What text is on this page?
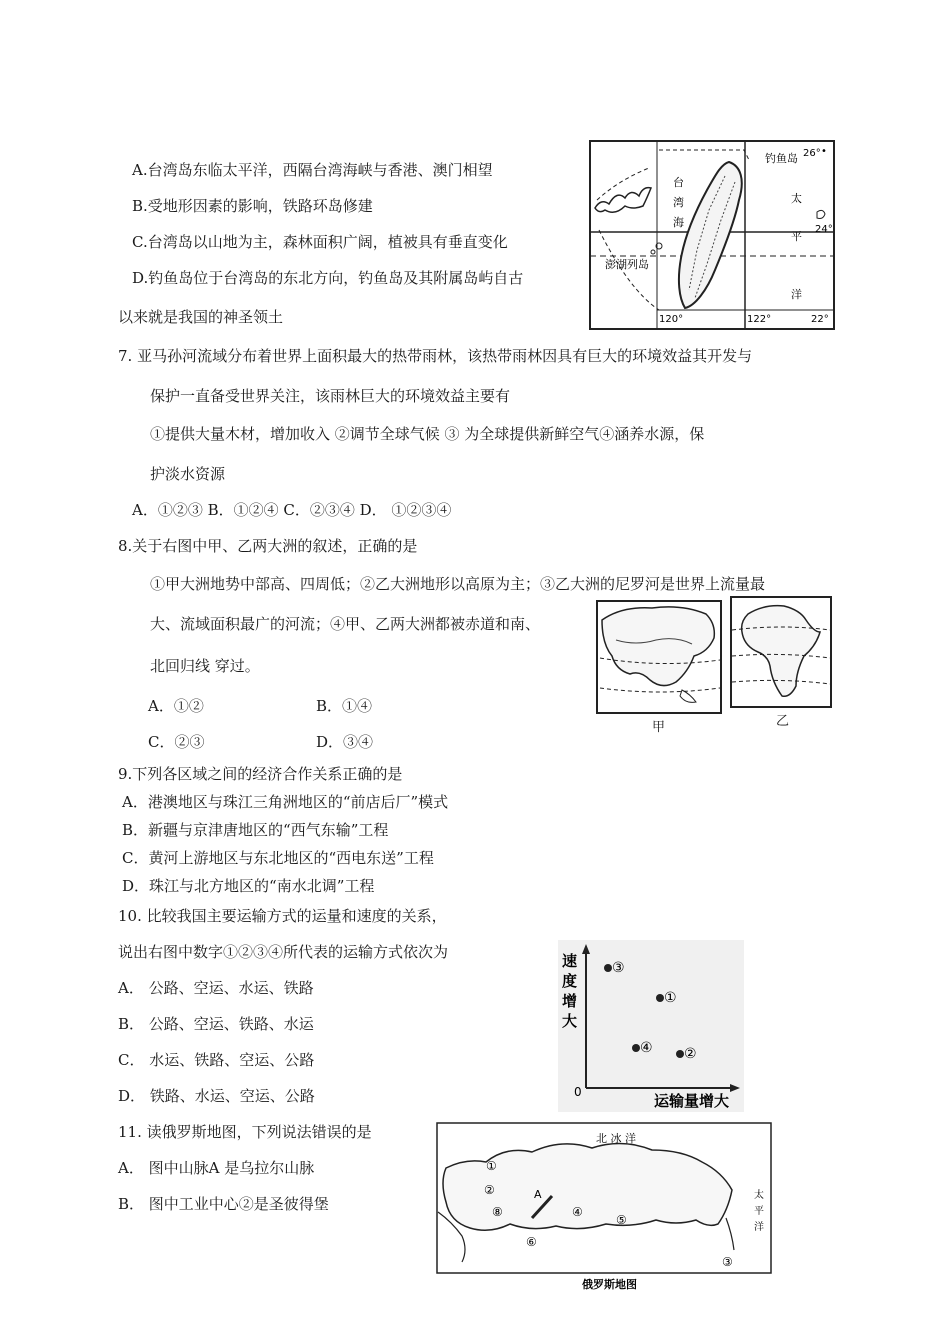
A.台湾岛东临太平洋，西隔台湾海峡与香港、澳门相望
B.受地形因素的影响，铁路环岛修建
C.台湾岛以山地为主，森林面积广阔，植被具有垂直变化
D.钓鱼岛位于台湾岛的东北方向，钓鱼岛及其附属岛屿自古
以来就是我国的神圣领土
钓鱼岛 26° •
太
平
洋
24°
22°
澎湖列岛
120°	122°
台
湾
海
7. 亚马孙河流域分布着世界上面积最大的热带雨林，该热带雨林因具有巨大的环境效益其开发与
保护一直备受世界关注，该雨林巨大的环境效益主要有
①提供大量木材，增加收入 ②调节全球气候 ③ 为全球提供新鲜空气④涵养水源，保
护淡水资源
A．①②③ B．①②④ C．②③④ D． ①②③④
8.关于右图中甲、乙两大洲的叙述，正确的是
①甲大洲地势中部高、四周低；②乙大洲地形以高原为主；③乙大洲的尼罗河是世界上流量最
大、流域面积最广的河流；④甲、乙两大洲都被赤道和南、
北回归线 穿过。
A．①②	B．①④
C．②③	D．③④
甲	乙
9.下列各区域之间的经济合作关系正确的是
A．港澳地区与珠江三角洲地区的“前店后厂”模式
B．新疆与京津唐地区的“西气东输”工程
C．黄河上游地区与东北地区的“西电东送”工程
D．珠江与北方地区的“南水北调”工程
10. 比较我国主要运输方式的运量和速度的关系，
说出右图中数字①②③④所代表的运输方式依次为
A． 公路、空运、水运、铁路
B． 公路、空运、铁路、水运
C． 水运、铁路、空运、公路
D． 铁路、水运、空运、公路
速
度
增
大
运输量增大
0
③
①
④ ②
11. 读俄罗斯地图，下列说法错误的是
A． 图中山脉A 是乌拉尔山脉
B． 图中工业中心②是圣彼得堡
北 冰 洋
太
平
洋
A
①
②
③
④
⑤
⑥
⑧
俄罗斯地图
